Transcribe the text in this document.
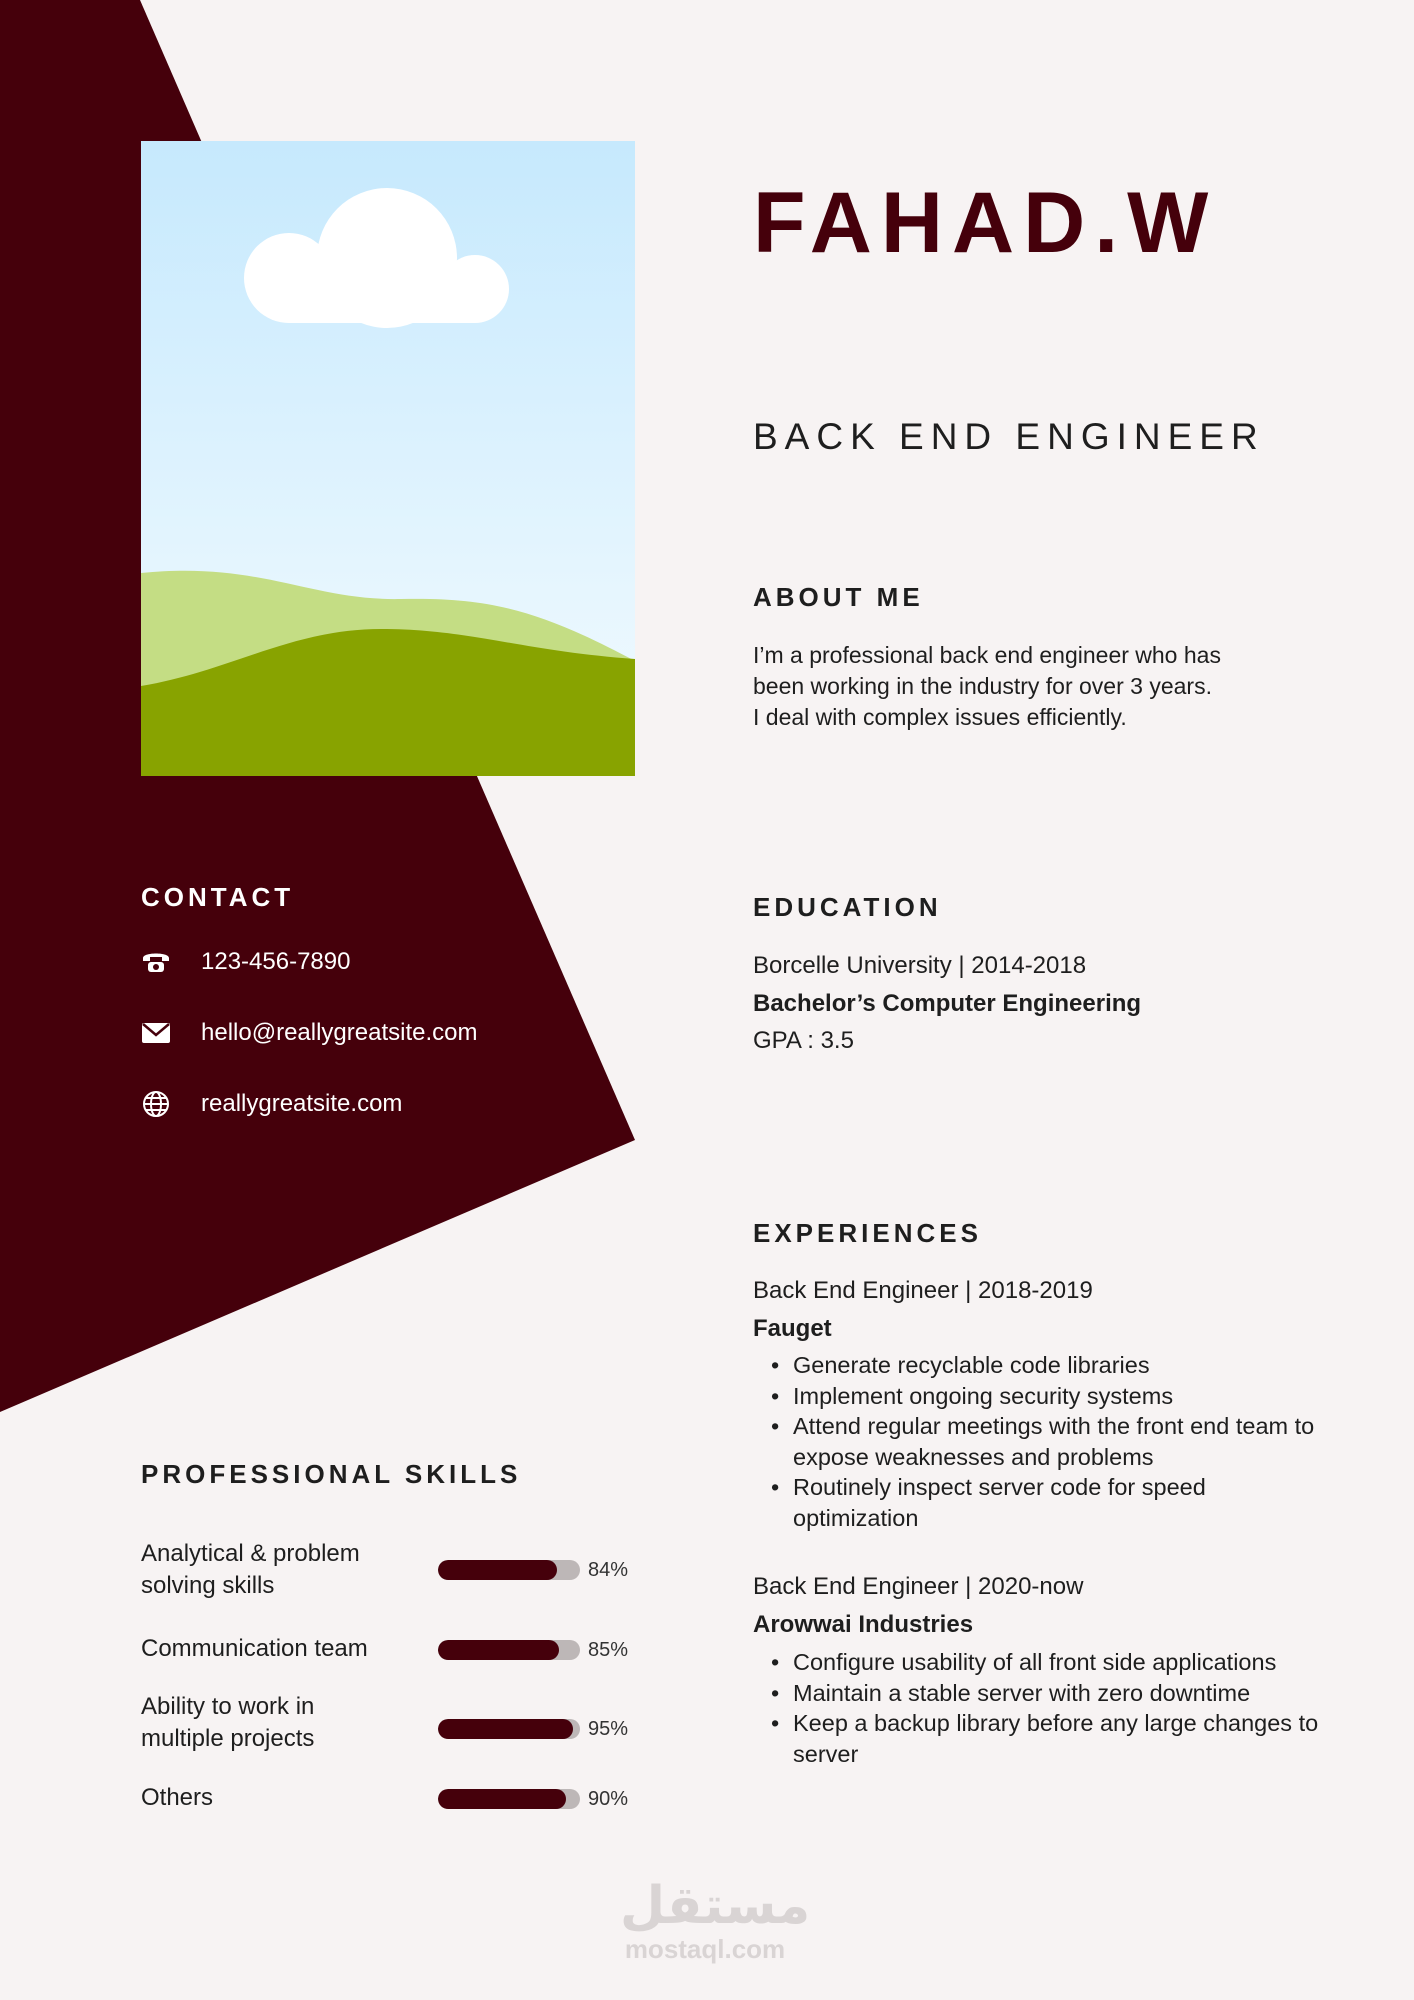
FAHAD.W
BACK END ENGINEER
ABOUT ME
I’m a professional back end engineer who has
been working in the industry for over 3 years.
I deal with complex issues efficiently.
CONTACT
123-456-7890
hello@reallygreatsite.com
reallygreatsite.com
EDUCATION
Borcelle University | 2014-2018
Bachelor’s Computer Engineering
GPA : 3.5
EXPERIENCES
Back End Engineer | 2018-2019
Fauget
• Generate recyclable code libraries
• Implement ongoing security systems
• Attend regular meetings with the front end team to expose weaknesses and problems
• Routinely inspect server code for speed optimization
Back End Engineer | 2020-now
Arowwai Industries
• Configure usability of all front side applications
• Maintain a stable server with zero downtime
• Keep a backup library before any large changes to server
PROFESSIONAL SKILLS
Analytical & problem solving skills
84%
Communication team	85%
Ability to work in multiple projects	95%
Others	90%
مستقل
mostaql.com
